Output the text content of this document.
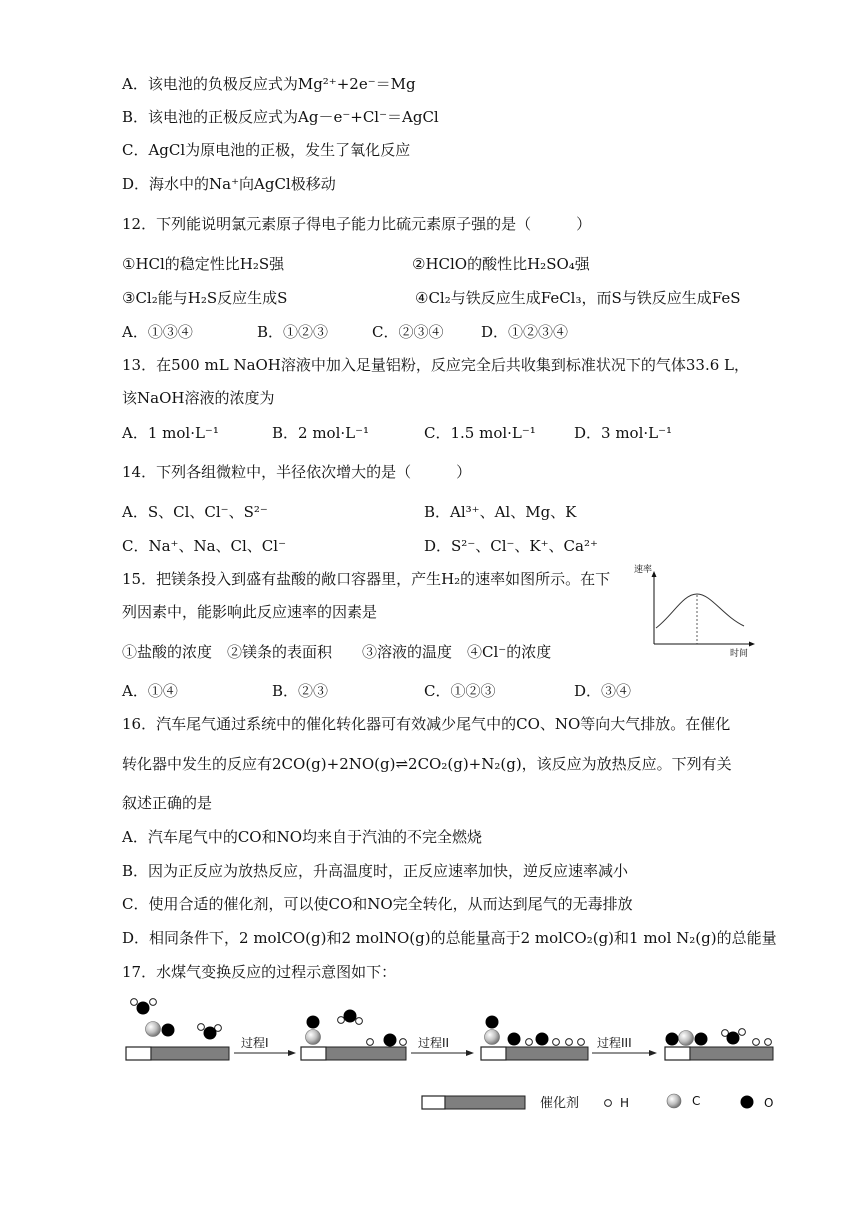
A．该电池的负极反应式为Mg²⁺+2e⁻＝Mg
B．该电池的正极反应式为Ag－e⁻+Cl⁻＝AgCl
C．AgCl为原电池的正极，发生了氧化反应
D．海水中的Na⁺向AgCl极移动
12．下列能说明氯元素原子得电子能力比硫元素原子强的是（　　　）
①HCl的稳定性比H₂S强	②HClO的酸性比H₂SO₄强
③Cl₂能与H₂S反应生成S	④Cl₂与铁反应生成FeCl₃，而S与铁反应生成FeS
A．①③④	B．①②③	C．②③④	D．①②③④
13．在500 mL NaOH溶液中加入足量铝粉，反应完全后共收集到标准状况下的气体33.6 L，
该NaOH溶液的浓度为
A．1 mol·L⁻¹	B．2 mol·L⁻¹	C．1.5 mol·L⁻¹	D．3 mol·L⁻¹
14．下列各组微粒中，半径依次增大的是（　　　）
A．S、Cl、Cl⁻、S²⁻	B．Al³⁺、Al、Mg、K
C．Na⁺、Na、Cl、Cl⁻	D．S²⁻、Cl⁻、K⁺、Ca²⁺
15．把镁条投入到盛有盐酸的敞口容器里，产生H₂的速率如图所示。在下
列因素中，能影响此反应速率的因素是
①盐酸的浓度　②镁条的表面积　　③溶液的温度　④Cl⁻的浓度
A．①④	B．②③	C．①②③	D．③④
速率
时间
16．汽车尾气通过系统中的催化转化器可有效减少尾气中的CO、NO等向大气排放。在催化
转化器中发生的反应有2CO(g)+2NO(g)⇌2CO₂(g)+N₂(g)，该反应为放热反应。下列有关
叙述正确的是
A．汽车尾气中的CO和NO均来自于汽油的不完全燃烧
B．因为正反应为放热反应，升高温度时，正反应速率加快，逆反应速率减小
C．使用合适的催化剂，可以使CO和NO完全转化，从而达到尾气的无毒排放
D．相同条件下，2 molCO(g)和2 molNO(g)的总能量高于2 molCO₂(g)和1 mol N₂(g)的总能量
17．水煤气变换反应的过程示意图如下：
过程I	过程II	过程III
催化剂	H	C	O
